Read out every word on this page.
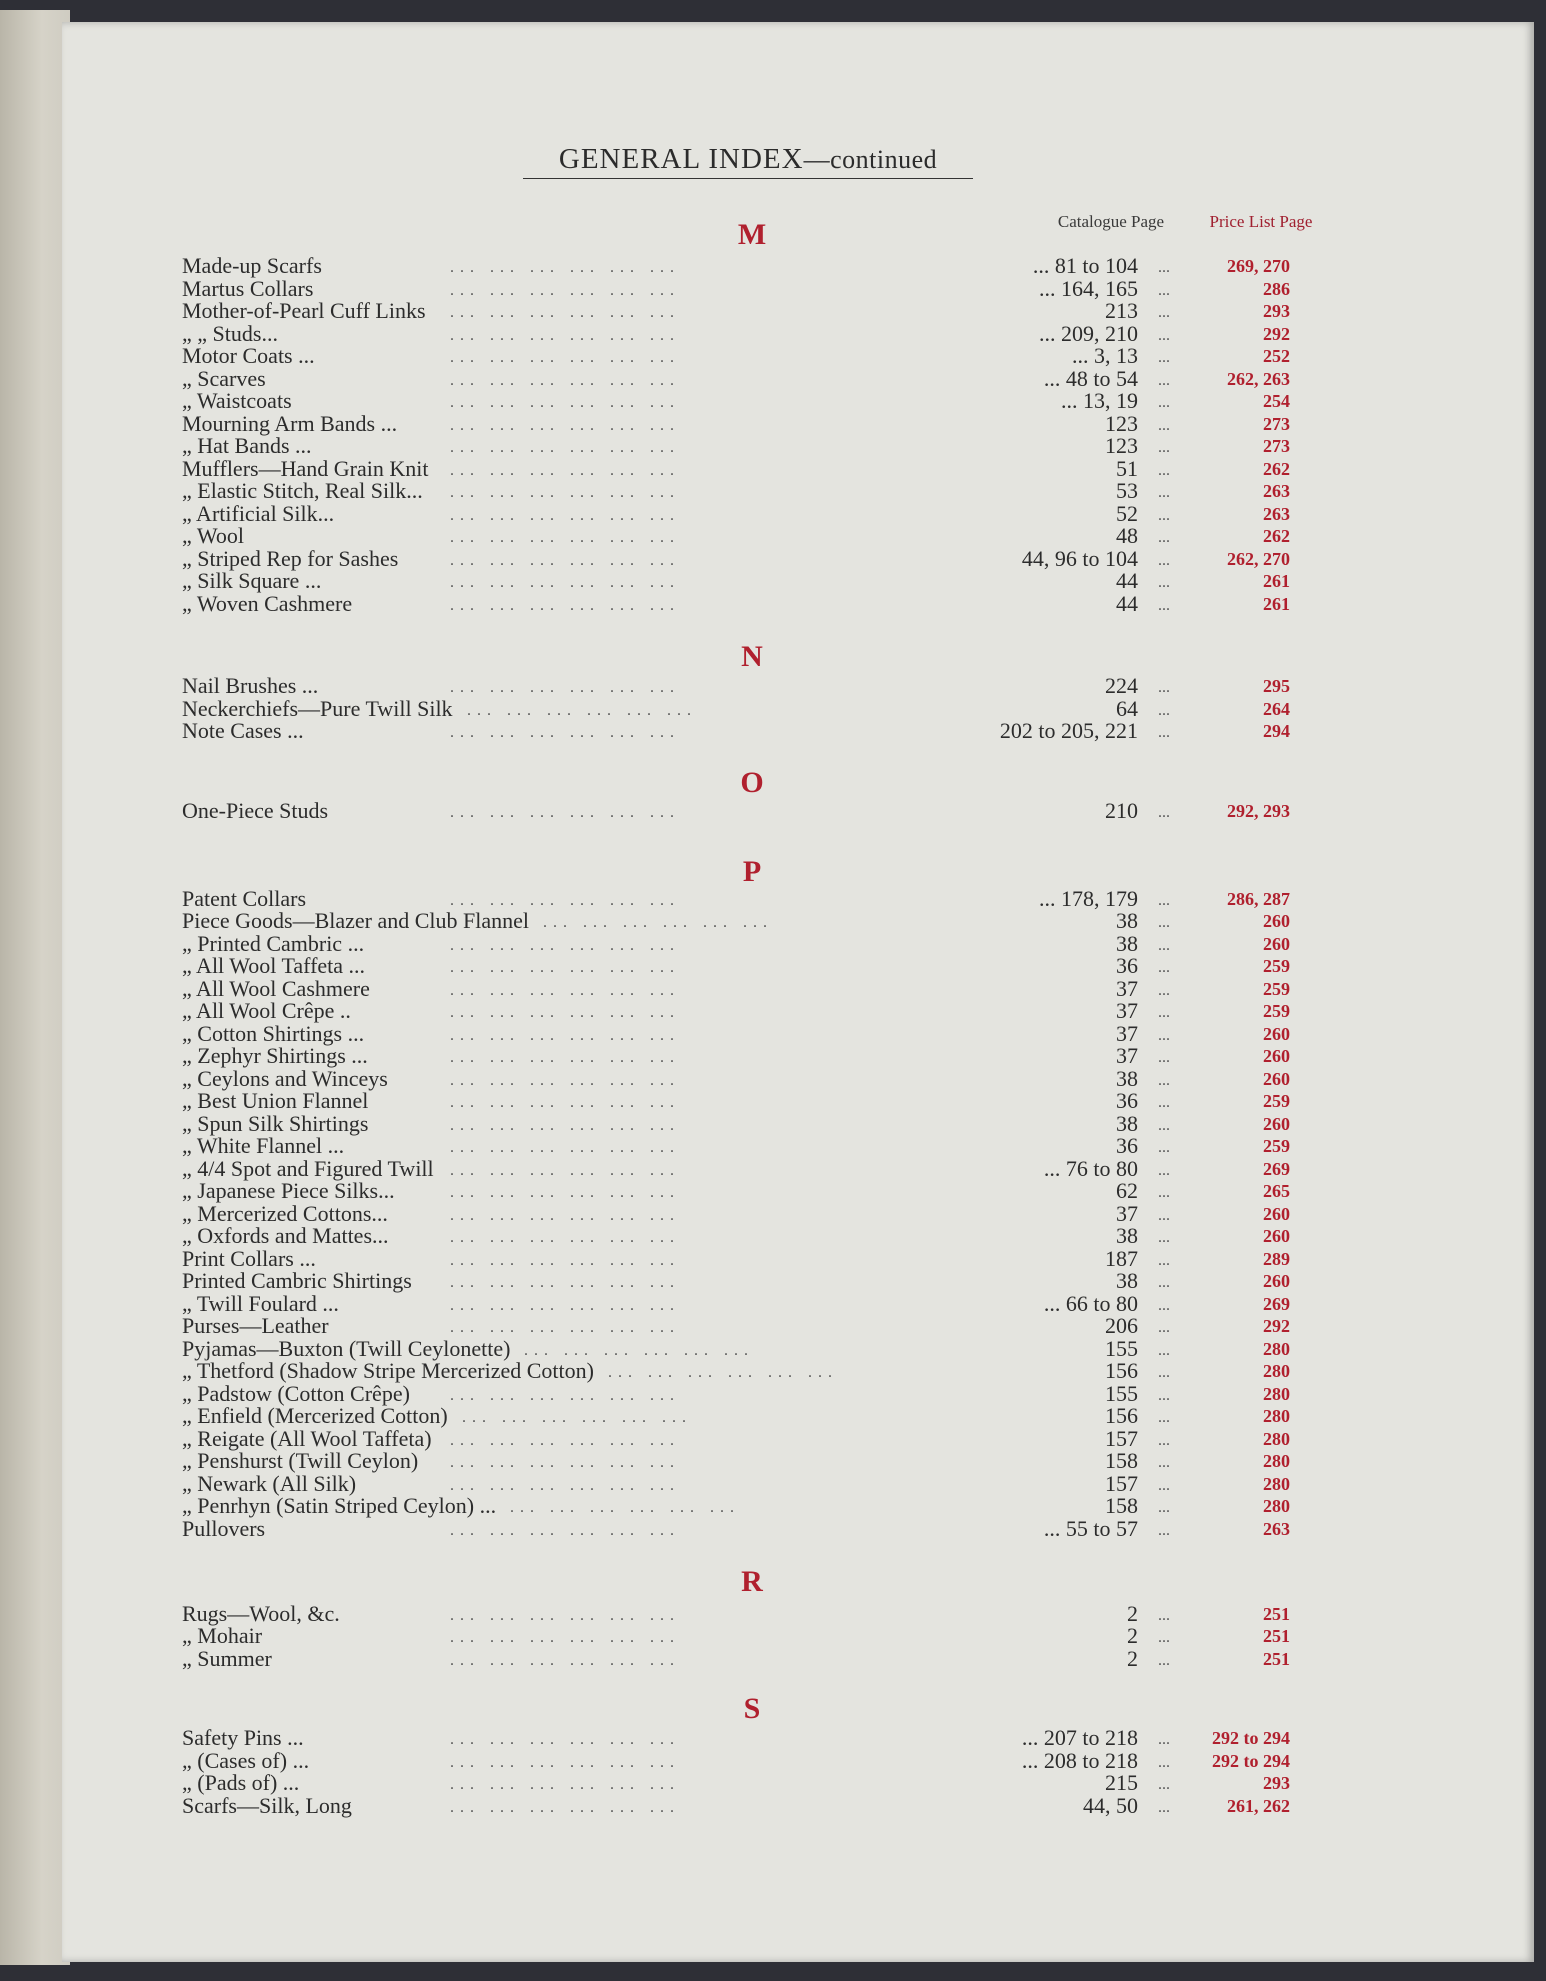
GENERAL INDEX—continued
Catalogue Page	Price List Page
M
... ... ... ... ... ...
Made-up Scarfs	... 81 to 104 ...	269, 270
... ... ... ... ... ...
Martus Collars	... 164, 165 ...	286
... ... ... ... ... ...
Mother-of-Pearl Cuff Links	213 ...	293
... ... ... ... ... ...
„ „ Studs...	... 209, 210 ...	292
... ... ... ... ... ...
Motor Coats ...	... 3, 13 ...	252
... ... ... ... ... ...
„ Scarves	... 48 to 54 ...	262, 263
... ... ... ... ... ...
„ Waistcoats	... 13, 19 ...	254
... ... ... ... ... ...
Mourning Arm Bands ...	123 ...	273
... ... ... ... ... ...
„ Hat Bands ...	123 ...	273
... ... ... ... ... ...
Mufflers—Hand Grain Knit	51 ...	262
... ... ... ... ... ...
„ Elastic Stitch, Real Silk...	53 ...	263
... ... ... ... ... ...
„ Artificial Silk...	52 ...	263
... ... ... ... ... ...
„ Wool	48 ...	262
... ... ... ... ... ...
„ Striped Rep for Sashes	44, 96 to 104 ...	262, 270
... ... ... ... ... ...
„ Silk Square ...	44 ...	261
... ... ... ... ... ...
„ Woven Cashmere	44 ...	261
N
... ... ... ... ... ...
Nail Brushes ...	224 ...	295
... ... ... ... ... ...
Neckerchiefs—Pure Twill Silk	64 ...	264
... ... ... ... ... ...
Note Cases ...	202 to 205, 221 ...	294
O
... ... ... ... ... ...
One-Piece Studs	210 ...	292, 293
P
... ... ... ... ... ...
Patent Collars	... 178, 179 ...	286, 287
... ... ... ... ... ...
Piece Goods—Blazer and Club Flannel	38 ...	260
... ... ... ... ... ...
„ Printed Cambric ...	38 ...	260
... ... ... ... ... ...
„ All Wool Taffeta ...	36 ...	259
... ... ... ... ... ...
„ All Wool Cashmere	37 ...	259
... ... ... ... ... ...
„ All Wool Crêpe ..	37 ...	259
... ... ... ... ... ...
„ Cotton Shirtings ...	37 ...	260
... ... ... ... ... ...
„ Zephyr Shirtings ...	37 ...	260
... ... ... ... ... ...
„ Ceylons and Winceys	38 ...	260
... ... ... ... ... ...
„ Best Union Flannel	36 ...	259
... ... ... ... ... ...
„ Spun Silk Shirtings	38 ...	260
... ... ... ... ... ...
„ White Flannel ...	36 ...	259
... ... ... ... ... ...
„ 4/4 Spot and Figured Twill	... 76 to 80 ...	269
... ... ... ... ... ...
„ Japanese Piece Silks...	62 ...	265
... ... ... ... ... ...
„ Mercerized Cottons...	37 ...	260
... ... ... ... ... ...
„ Oxfords and Mattes...	38 ...	260
... ... ... ... ... ...
Print Collars ...	187 ...	289
... ... ... ... ... ...
Printed Cambric Shirtings	38 ...	260
... ... ... ... ... ...
„ Twill Foulard ...	... 66 to 80 ...	269
... ... ... ... ... ...
Purses—Leather	206 ...	292
... ... ... ... ... ...
Pyjamas—Buxton (Twill Ceylonette)	155 ...	280
... ... ... ... ... ...
„ Thetford (Shadow Stripe Mercerized Cotton)	156 ...	280
... ... ... ... ... ...
„ Padstow (Cotton Crêpe)	155 ...	280
... ... ... ... ... ...
„ Enfield (Mercerized Cotton)	156 ...	280
... ... ... ... ... ...
„ Reigate (All Wool Taffeta)	157 ...	280
... ... ... ... ... ...
„ Penshurst (Twill Ceylon)	158 ...	280
... ... ... ... ... ...
„ Newark (All Silk)	157 ...	280
... ... ... ... ... ...
„ Penrhyn (Satin Striped Ceylon) ...	158 ...	280
... ... ... ... ... ...
Pullovers	... 55 to 57 ...	263
R
... ... ... ... ... ...
Rugs—Wool, &c.	2 ...	251
... ... ... ... ... ...
„ Mohair	2 ...	251
... ... ... ... ... ...
„ Summer	2 ...	251
S
... ... ... ... ... ...
Safety Pins ...	... 207 to 218 ...	292 to 294
... ... ... ... ... ...
„ (Cases of) ...	... 208 to 218 ...	292 to 294
... ... ... ... ... ...
„ (Pads of) ...	215 ...	293
... ... ... ... ... ...
Scarfs—Silk, Long	44, 50 ...	261, 262
